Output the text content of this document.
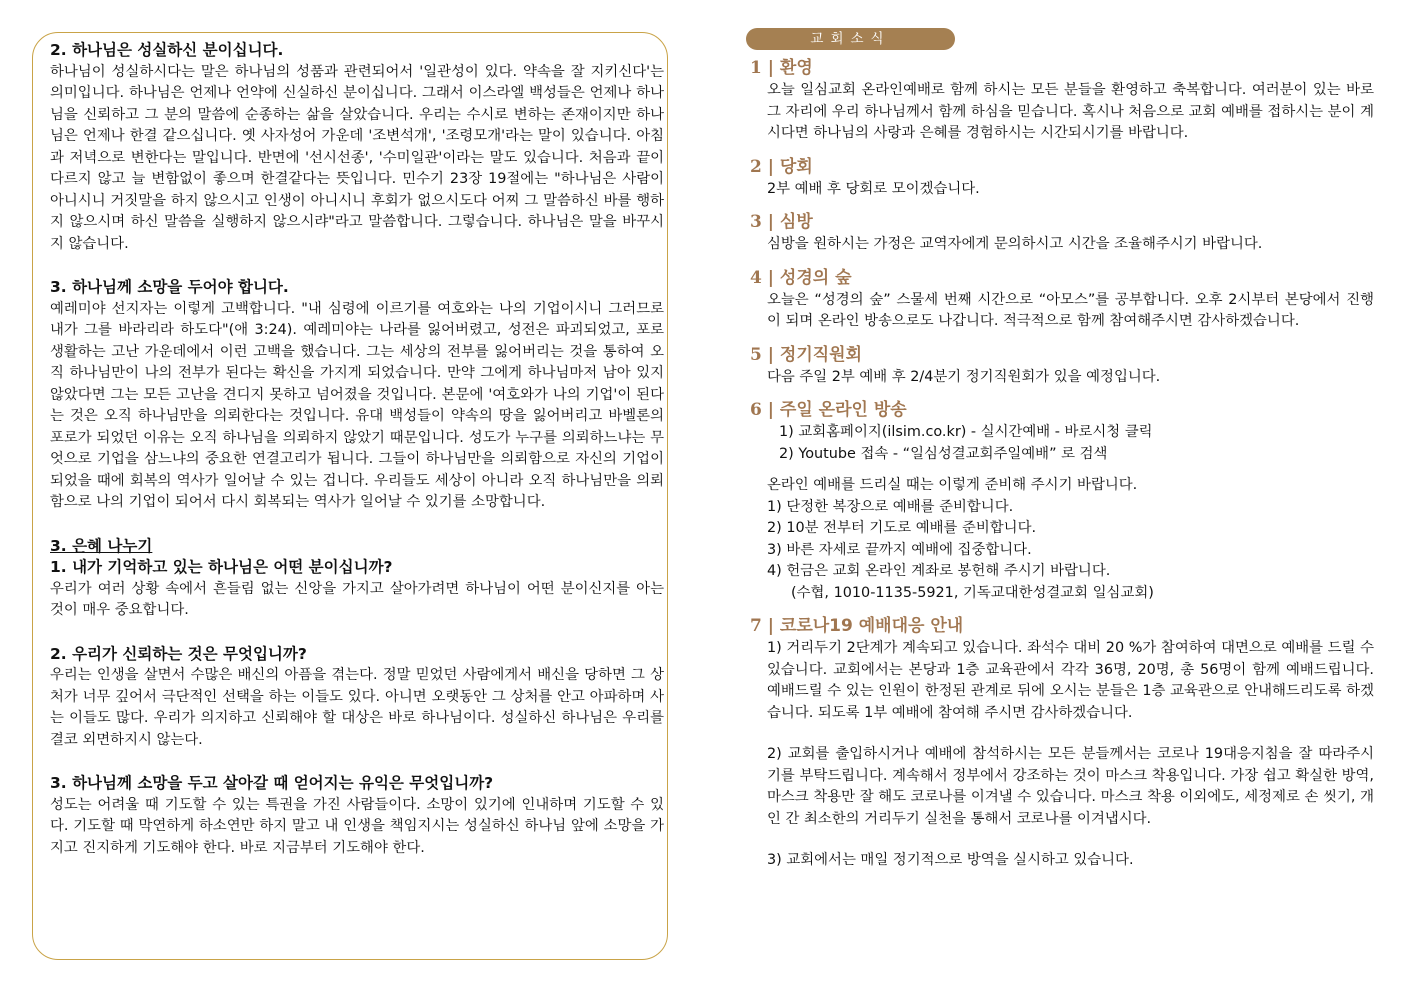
2. 하나님은 성실하신 분이십니다.

하나님이 성실하시다는 말은 하나님의 성품과 관련되어서 '일관성이 있다. 약속을 잘 지키신다'는 의미입니다. 하나님은 언제나 언약에 신실하신 분이십니다. 그래서 이스라엘 백성들은 언제나 하나님을 신뢰하고 그 분의 말씀에 순종하는 삶을 살았습니다. 우리는 수시로 변하는 존재이지만 하나님은 언제나 한결 같으십니다. 옛 사자성어 가운데 '조변석개', '조령모개'라는 말이 있습니다. 아침과 저녁으로 변한다는 말입니다. 반면에 '선시선종', '수미일관'이라는 말도 있습니다. 처음과 끝이 다르지 않고 늘 변함없이 좋으며 한결같다는 뜻입니다. 민수기 23장 19절에는 "하나님은 사람이 아니시니 거짓말을 하지 않으시고 인생이 아니시니 후회가 없으시도다 어찌 그 말씀하신 바를 행하지 않으시며 하신 말씀을 실행하지 않으시랴"라고 말씀합니다. 그렇습니다. 하나님은 말을 바꾸시지 않습니다.

3. 하나님께 소망을 두어야 합니다.

예레미야 선지자는 이렇게 고백합니다. "내 심령에 이르기를 여호와는 나의 기업이시니 그러므로 내가 그를 바라리라 하도다"(애 3:24). 예레미야는 나라를 잃어버렸고, 성전은 파괴되었고, 포로 생활하는 고난 가운데에서 이런 고백을 했습니다. 그는 세상의 전부를 잃어버리는 것을 통하여 오직 하나님만이 나의 전부가 된다는 확신을 가지게 되었습니다. 만약 그에게 하나님마저 남아 있지 않았다면 그는 모든 고난을 견디지 못하고 넘어졌을 것입니다. 본문에 '여호와가 나의 기업'이 된다는 것은 오직 하나님만을 의뢰한다는 것입니다. 유대 백성들이 약속의 땅을 잃어버리고 바벨론의 포로가 되었던 이유는 오직 하나님을 의뢰하지 않았기 때문입니다. 성도가 누구를 의뢰하느냐는 무엇으로 기업을 삼느냐의 중요한 연결고리가 됩니다. 그들이 하나님만을 의뢰함으로 자신의 기업이 되었을 때에 회복의 역사가 일어날 수 있는 겁니다. 우리들도 세상이 아니라 오직 하나님만을 의뢰함으로 나의 기업이 되어서 다시 회복되는 역사가 일어날 수 있기를 소망합니다.

3. 은혜 나누기
1. 내가 기억하고 있는 하나님은 어떤 분이십니까?

우리가 여러 상황 속에서 흔들림 없는 신앙을 가지고 살아가려면 하나님이 어떤 분이신지를 아는 것이 매우 중요합니다.

2. 우리가 신뢰하는 것은 무엇입니까?

우리는 인생을 살면서 수많은 배신의 아픔을 겪는다. 정말 믿었던 사람에게서 배신을 당하면 그 상처가 너무 깊어서 극단적인 선택을 하는 이들도 있다. 아니면 오랫동안 그 상처를 안고 아파하며 사는 이들도 많다. 우리가 의지하고 신뢰해야 할 대상은 바로 하나님이다. 성실하신 하나님은 우리를 결코 외면하지시 않는다.

3. 하나님께 소망을 두고 살아갈 때 얻어지는 유익은 무엇입니까?

성도는 어려울 때 기도할 수 있는 특권을 가진 사람들이다. 소망이 있기에 인내하며 기도할 수 있다. 기도할 때 막연하게 하소연만 하지 말고 내 인생을 책임지시는 성실하신 하나님 앞에 소망을 가지고 진지하게 기도해야 한다. 바로 지금부터 기도해야 한다.

교회소식
1 | 환영

오늘 일심교회 온라인예배로 함께 하시는 모든 분들을 환영하고 축복합니다. 여러분이 있는 바로 그 자리에 우리 하나님께서 함께 하심을 믿습니다. 혹시나 처음으로 교회 예배를 접하시는 분이 계시다면 하나님의 사랑과 은혜를 경험하시는 시간되시기를 바랍니다.

2 | 당회

2부 예배 후 당회로 모이겠습니다.

3 | 심방

심방을 원하시는 가정은 교역자에게 문의하시고 시간을 조율해주시기 바랍니다.

4 | 성경의 숲

오늘은 “성경의 숲” 스물세 번째 시간으로 “아모스”를 공부합니다. 오후 2시부터 본당에서 진행이 되며 온라인 방송으로도 나갑니다. 적극적으로 함께 참여해주시면 감사하겠습니다.

5 | 정기직원회

다음 주일 2부 예배 후 2/4분기 정기직원회가 있을 예정입니다.

6 | 주일 온라인 방송

1) 교회홈페이지(ilsim.co.kr) - 실시간예배 - 바로시청 클릭

2) Youtube 접속 - “일심성결교회주일예배” 로 검색

온라인 예배를 드리실 때는 이렇게 준비해 주시기 바랍니다.

1) 단정한 복장으로 예배를 준비합니다.

2) 10분 전부터 기도로 예배를 준비합니다.

3) 바른 자세로 끝까지 예배에 집중합니다.

4) 헌금은 교회 온라인 계좌로 봉헌해 주시기 바랍니다.

(수협, 1010-1135-5921, 기독교대한성결교회 일심교회)

7 | 코로나19 예배대응 안내

1) 거리두기 2단계가 계속되고 있습니다. 좌석수 대비 20 %가 참여하여 대면으로 예배를 드릴 수 있습니다. 교회에서는 본당과 1층 교육관에서 각각 36명, 20명, 총 56명이 함께 예배드립니다. 예배드릴 수 있는 인원이 한정된 관계로 뒤에 오시는 분들은 1층 교육관으로 안내해드리도록 하겠습니다. 되도록 1부 예배에 참여해 주시면 감사하겠습니다.

2) 교회를 출입하시거나 예배에 참석하시는 모든 분들께서는 코로나 19대응지침을 잘 따라주시기를 부탁드립니다. 계속해서 정부에서 강조하는 것이 마스크 착용입니다. 가장 쉽고 확실한 방역, 마스크 착용만 잘 해도 코로나를 이겨낼 수 있습니다. 마스크 착용 이외에도, 세정제로 손 씻기, 개인 간 최소한의 거리두기 실천을 통해서 코로나를 이겨냅시다.

3) 교회에서는 매일 정기적으로 방역을 실시하고 있습니다.
